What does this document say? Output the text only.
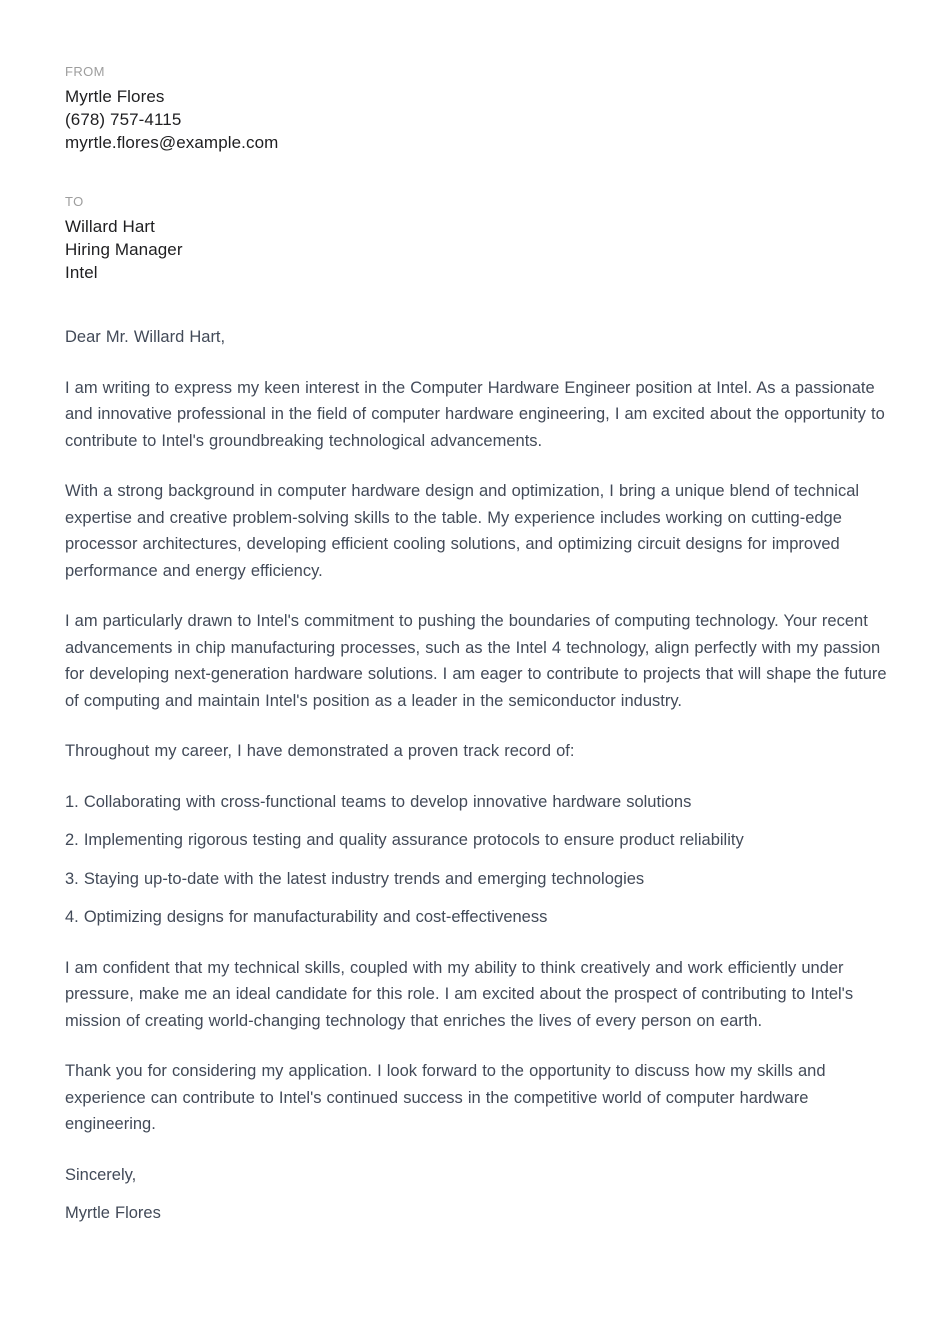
FROM
Myrtle Flores
(678) 757-4115
myrtle.flores@example.com
TO
Willard Hart
Hiring Manager
Intel

Dear Mr. Willard Hart,

I am writing to express my keen interest in the Computer Hardware Engineer position at Intel. As a passionate and innovative professional in the field of computer hardware engineering, I am excited about the opportunity to contribute to Intel's groundbreaking technological advancements.

With a strong background in computer hardware design and optimization, I bring a unique blend of technical expertise and creative problem-solving skills to the table. My experience includes working on cutting-edge processor architectures, developing efficient cooling solutions, and optimizing circuit designs for improved performance and energy efficiency.

I am particularly drawn to Intel's commitment to pushing the boundaries of computing technology. Your recent advancements in chip manufacturing processes, such as the Intel 4 technology, align perfectly with my passion for developing next-generation hardware solutions. I am eager to contribute to projects that will shape the future of computing and maintain Intel's position as a leader in the semiconductor industry.

Throughout my career, I have demonstrated a proven track record of:

1. Collaborating with cross-functional teams to develop innovative hardware solutions

2. Implementing rigorous testing and quality assurance protocols to ensure product reliability

3. Staying up-to-date with the latest industry trends and emerging technologies

4. Optimizing designs for manufacturability and cost-effectiveness

I am confident that my technical skills, coupled with my ability to think creatively and work efficiently under pressure, make me an ideal candidate for this role. I am excited about the prospect of contributing to Intel's mission of creating world-changing technology that enriches the lives of every person on earth.

Thank you for considering my application. I look forward to the opportunity to discuss how my skills and experience can contribute to Intel's continued success in the competitive world of computer hardware engineering.

Sincerely,

Myrtle Flores
